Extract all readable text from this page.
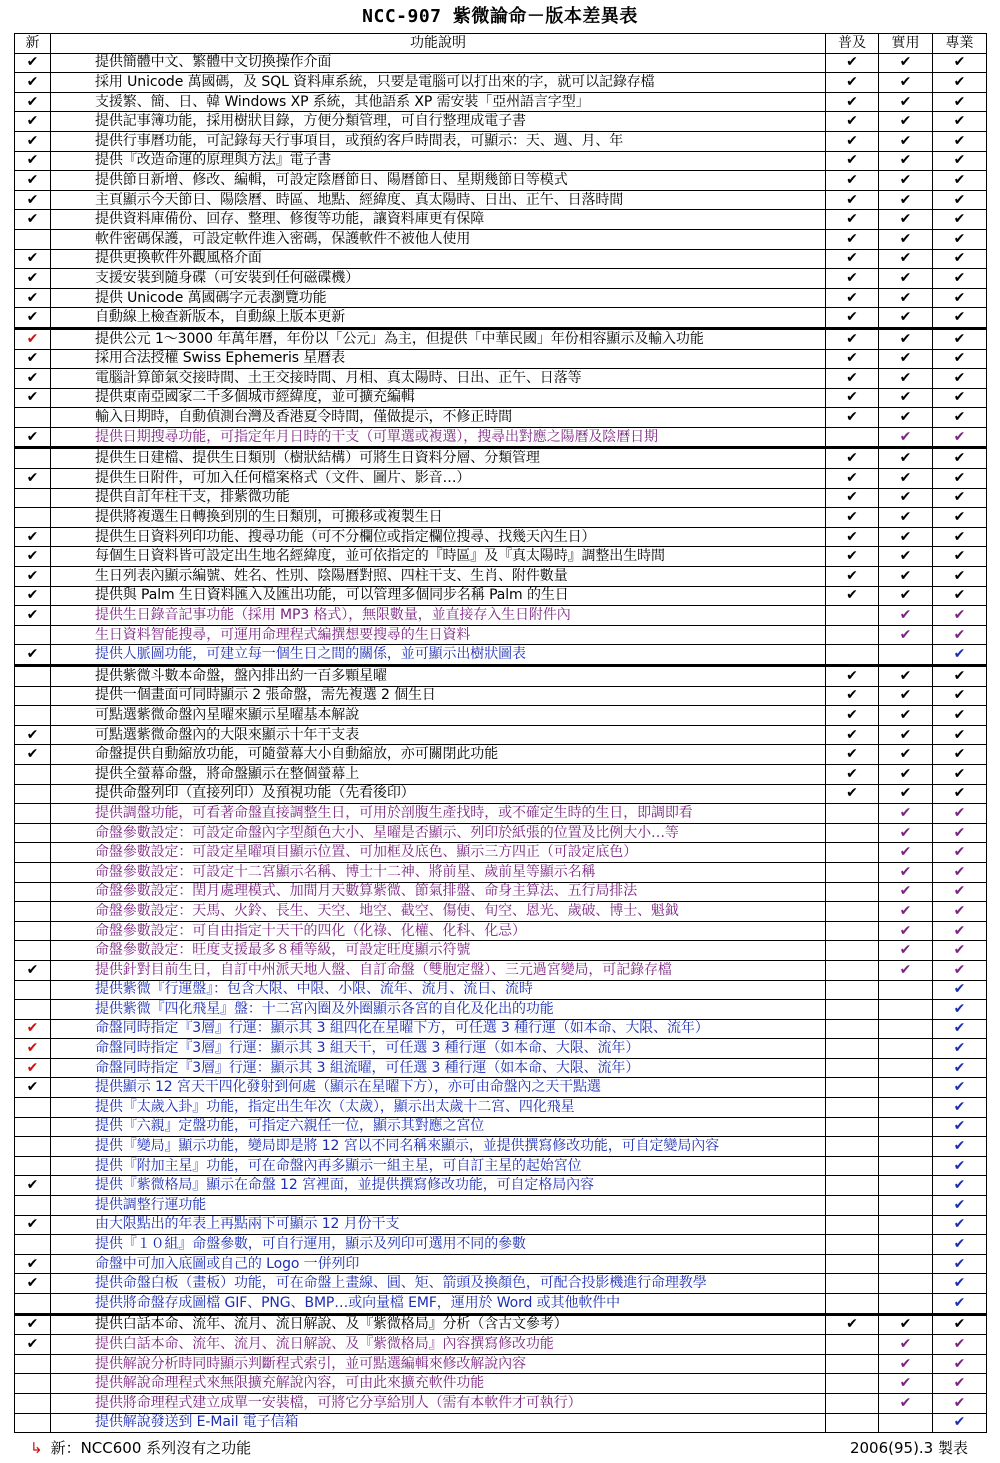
NCC-907 紫微論命－版本差異表
新	功能說明	普及	實用	專業
✔	提供簡體中文、繁體中文切換操作介面	✔	✔	✔
✔	採用 Unicode 萬國碼，及 SQL 資料庫系統，只要是電腦可以打出來的字，就可以記錄存檔	✔	✔	✔
✔	支援繁、簡、日、韓 Windows XP 系統，其他語系 XP 需安裝「亞州語言字型」	✔	✔	✔
✔	提供記事簿功能，採用樹狀目錄，方便分類管理，可自行整理成電子書	✔	✔	✔
✔	提供行事曆功能，可記錄每天行事項目，或預約客戶時間表，可顯示：天、週、月、年	✔	✔	✔
✔	提供『改造命運的原理與方法』電子書	✔	✔	✔
✔	提供節日新增、修改、編輯，可設定陰曆節日、陽曆節日、星期幾節日等模式	✔	✔	✔
✔	主頁顯示今天節日、陽陰曆、時區、地點、經緯度、真太陽時、日出、正午、日落時間	✔	✔	✔
✔	提供資料庫備份、回存、整理、修復等功能，讓資料庫更有保障	✔	✔	✔
	軟件密碼保護，可設定軟件進入密碼，保護軟件不被他人使用	✔	✔	✔
✔	提供更換軟件外觀風格介面	✔	✔	✔
✔	支援安裝到隨身碟（可安裝到任何磁碟機）	✔	✔	✔
✔	提供 Unicode 萬國碼字元表瀏覽功能	✔	✔	✔
✔	自動線上檢查新版本，自動線上版本更新	✔	✔	✔
✔	提供公元 1～3000 年萬年曆，年份以「公元」為主，但提供「中華民國」年份相容顯示及輸入功能	✔	✔	✔
✔	採用合法授權 Swiss Ephemeris 星曆表	✔	✔	✔
✔	電腦計算節氣交接時間、土王交接時間、月相、真太陽時、日出、正午、日落等	✔	✔	✔
✔	提供東南亞國家二千多個城市經緯度，並可擴充編輯	✔	✔	✔
	輸入日期時，自動偵測台灣及香港夏令時間，僅做提示，不修正時間	✔	✔	✔
✔	提供日期搜尋功能，可指定年月日時的干支（可單選或複選），搜尋出對應之陽曆及陰曆日期		✔	✔
	提供生日建檔、提供生日類別（樹狀結構）可將生日資料分層、分類管理	✔	✔	✔
✔	提供生日附件，可加入任何檔案格式（文件、圖片、影音…）	✔	✔	✔
	提供自訂年柱干支，排紫微功能	✔	✔	✔
	提供將複選生日轉換到別的生日類別，可搬移或複製生日	✔	✔	✔
✔	提供生日資料列印功能、搜尋功能（可不分欄位或指定欄位搜尋、找幾天內生日）	✔	✔	✔
✔	每個生日資料皆可設定出生地名經緯度，並可依指定的『時區』及『真太陽時』調整出生時間	✔	✔	✔
✔	生日列表內顯示編號、姓名、性別、陰陽曆對照、四柱干支、生肖、附件數量	✔	✔	✔
✔	提供與 Palm 生日資料匯入及匯出功能，可以管理多個同步名稱 Palm 的生日	✔	✔	✔
✔	提供生日錄音記事功能（採用 MP3 格式），無限數量，並直接存入生日附件內		✔	✔
	生日資料智能搜尋，可運用命理程式編撰想要搜尋的生日資料		✔	✔
✔	提供人脈圖功能，可建立每一個生日之間的關係，並可顯示出樹狀圖表			✔
	提供紫微斗數本命盤，盤內排出約一百多顆星曜	✔	✔	✔
	提供一個畫面可同時顯示 2 張命盤，需先複選 2 個生日	✔	✔	✔
	可點選紫微命盤內星曜來顯示星曜基本解說	✔	✔	✔
✔	可點選紫微命盤內的大限來顯示十年干支表	✔	✔	✔
✔	命盤提供自動縮放功能，可隨螢幕大小自動縮放，亦可關閉此功能	✔	✔	✔
	提供全螢幕命盤，將命盤顯示在整個螢幕上	✔	✔	✔
	提供命盤列印（直接列印）及預視功能（先看後印）	✔	✔	✔
	提供調盤功能，可看著命盤直接調整生日，可用於剖腹生產找時，或不確定生時的生日，即調即看		✔	✔
	命盤參數設定：可設定命盤內字型顏色大小、星曜是否顯示、列印於紙張的位置及比例大小…等		✔	✔
	命盤參數設定：可設定星曜項目顯示位置、可加框及底色、顯示三方四正（可設定底色）		✔	✔
	命盤參數設定：可設定十二宮顯示名稱、博士十二神、將前星、歲前星等顯示名稱		✔	✔
	命盤參數設定：閏月處理模式、加間月天數算紫微、節氣排盤、命身主算法、五行局排法		✔	✔
	命盤參數設定：天馬、火鈴、長生、天空、地空、截空、傷使、旬空、恩光、歲破、博士、魁鉞		✔	✔
	命盤參數設定：可自由指定十天干的四化（化祿、化權、化科、化忌）		✔	✔
	命盤參數設定：旺度支援最多８種等級，可設定旺度顯示符號		✔	✔
✔	提供針對目前生日，自訂中州派天地人盤、自訂命盤（雙胞定盤）、三元過宮變局，可記錄存檔		✔	✔
	提供紫微『行運盤』：包含大限、中限、小限、流年、流月、流日、流時			✔
	提供紫微『四化飛星』盤：十二宮內圈及外圈顯示各宮的自化及化出的功能			✔
✔	命盤同時指定『3層』行運：顯示其 3 組四化在星曜下方，可任選 3 種行運（如本命、大限、流年）			✔
✔	命盤同時指定『3層』行運：顯示其 3 組天干，可任選 3 種行運（如本命、大限、流年）			✔
✔	命盤同時指定『3層』行運：顯示其 3 組流曜，可任選 3 種行運（如本命、大限、流年）			✔
✔	提供顯示 12 宮天干四化發射到何處（顯示在星曜下方），亦可由命盤內之天干點選			✔
	提供『太歲入卦』功能，指定出生年次（太歲），顯示出太歲十二宮、四化飛星			✔
	提供『六親』定盤功能，可指定六親任一位，顯示其對應之宮位			✔
	提供『變局』顯示功能，變局即是將 12 宮以不同名稱來顯示，並提供撰寫修改功能，可自定變局內容			✔
	提供『附加主星』功能，可在命盤內再多顯示一組主星，可自訂主星的起始宮位			✔
✔	提供『紫微格局』顯示在命盤 12 宮裡面，並提供撰寫修改功能，可自定格局內容			✔
	提供調整行運功能			✔
✔	由大限點出的年表上再點兩下可顯示 12 月份干支			✔
	提供『１０組』命盤參數，可自行運用，顯示及列印可選用不同的參數			✔
✔	命盤中可加入底圖或自己的 Logo 一併列印			✔
✔	提供命盤白板（畫板）功能，可在命盤上畫線、圓、矩、箭頭及換顏色，可配合投影機進行命理教學			✔
	提供將命盤存成圖檔 GIF、PNG、BMP…或向量檔 EMF，運用於 Word 或其他軟件中			✔
✔	提供白話本命、流年、流月、流日解說、及『紫微格局』分析（含古文參考）	✔	✔	✔
✔	提供白話本命、流年、流月、流日解說、及『紫微格局』內容撰寫修改功能		✔	✔
	提供解說分析時同時顯示判斷程式索引，並可點選編輯來修改解說內容		✔	✔
	提供解說命理程式來無限擴充解說內容，可由此來擴充軟件功能		✔	✔
	提供將命理程式建立成單一安裝檔，可將它分享給別人（需有本軟件才可執行）		✔	✔
	提供解說發送到 E-Mail 電子信箱			✔
↳ 新：NCC600 系列沒有之功能	2006(95).3 製表
